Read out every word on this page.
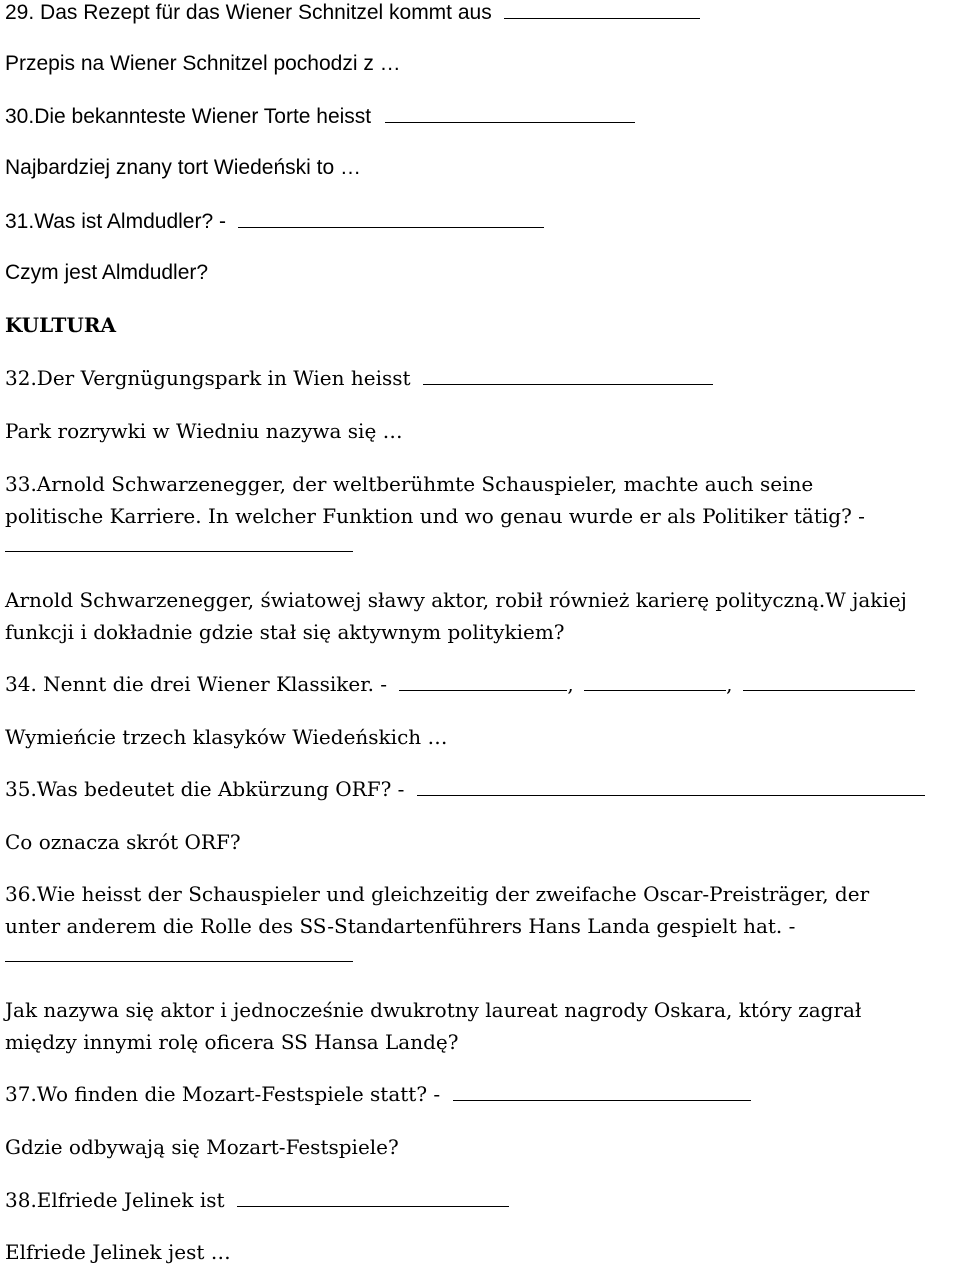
29. Das Rezept für das Wiener Schnitzel kommt aus
Przepis na Wiener Schnitzel pochodzi z …
30.Die bekannteste Wiener Torte heisst
Najbardziej znany tort Wiedeński to …
31.Was ist Almdudler? -
Czym jest Almdudler?
KULTURA
32.Der Vergnügungspark in Wien heisst
Park rozrywki w Wiedniu nazywa się …
33.Arnold Schwarzenegger, der weltberühmte Schauspieler, machte auch seine
politische Karriere. In welcher Funktion und wo genau wurde er als Politiker tätig? -
Arnold Schwarzenegger, światowej sławy aktor, robił również karierę polityczną.W jakiej
funkcji i dokładnie gdzie stał się aktywnym politykiem?
34. Nennt die drei Wiener Klassiker. -	,	,
Wymieńcie trzech klasyków Wiedeńskich …
35.Was bedeutet die Abkürzung ORF? -
Co oznacza skrót ORF?
36.Wie heisst der Schauspieler und gleichzeitig der zweifache Oscar-Preisträger, der
unter anderem die Rolle des SS-Standartenführers Hans Landa gespielt hat. -
Jak nazywa się aktor i jednocześnie dwukrotny laureat nagrody Oskara, który zagrał
między innymi rolę oficera SS Hansa Landę?
37.Wo finden die Mozart-Festspiele statt? -
Gdzie odbywają się Mozart-Festspiele?
38.Elfriede Jelinek ist
Elfriede Jelinek jest …
